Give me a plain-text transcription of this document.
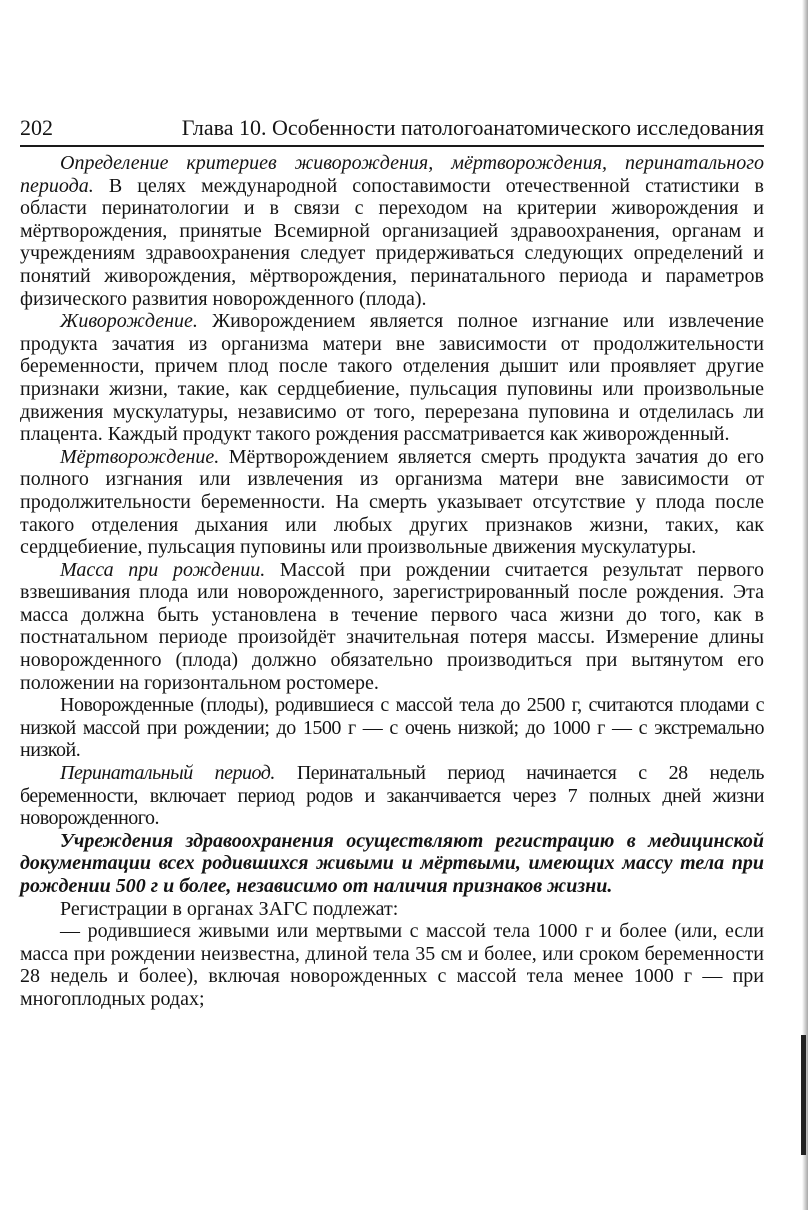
202	Глава 10. Особенности патологоанатомического исследования

Определение критериев живорождения, мёртворождения, перинатального периода. В целях международной сопоставимости отечественной статистики в области перинатологии и в связи с переходом на критерии живорождения и мёртворождения, принятые Всемирной организацией здравоохранения, органам и учреждениям здравоохранения следует придерживаться следующих определений и понятий живорождения, мёртворождения, перинатального периода и параметров физического развития новорожденного (плода).

Живорождение. Живорождением является полное изгнание или извлечение продукта зачатия из организма матери вне зависимости от продолжительности беременности, причем плод после такого отделения дышит или проявляет другие признаки жизни, такие, как сердцебиение, пульсация пуповины или произвольные движения мускулатуры, независимо от того, перерезана пуповина и отделилась ли плацента. Каждый продукт такого рождения рассматривается как живорожденный.

Мёртворождение. Мёртворождением является смерть продукта зачатия до его полного изгнания или извлечения из организма матери вне зависимости от продолжительности беременности. На смерть указывает отсутствие у плода после такого отделения дыхания или любых других признаков жизни, таких, как сердцебиение, пульсация пуповины или произвольные движения мускулатуры.

Масса при рождении. Массой при рождении считается результат первого взвешивания плода или новорожденного, зарегистрированный после рождения. Эта масса должна быть установлена в течение первого часа жизни до того, как в постнатальном периоде произойдёт значительная потеря массы. Измерение длины новорожденного (плода) должно обязательно производиться при вытянутом его положении на горизонтальном ростомере.

Новорожденные (плоды), родившиеся с массой тела до 2500 г, считаются плодами с низкой массой при рождении; до 1500 г — с очень низкой; до 1000 г — с экстремально низкой.

Перинатальный период. Перинатальный период начинается с 28 недель беременности, включает период родов и заканчивается через 7 полных дней жизни новорожденного.

Учреждения здравоохранения осуществляют регистрацию в медицинской документации всех родившихся живыми и мёртвыми, имеющих массу тела при рождении 500 г и более, независимо от наличия признаков жизни.

Регистрации в органах ЗАГС подлежат:

— родившиеся живыми или мертвыми с массой тела 1000 г и более (или, если масса при рождении неизвестна, длиной тела 35 см и более, или сроком беременности 28 недель и более), включая новорожденных с массой тела менее 1000 г — при многоплодных родах;
